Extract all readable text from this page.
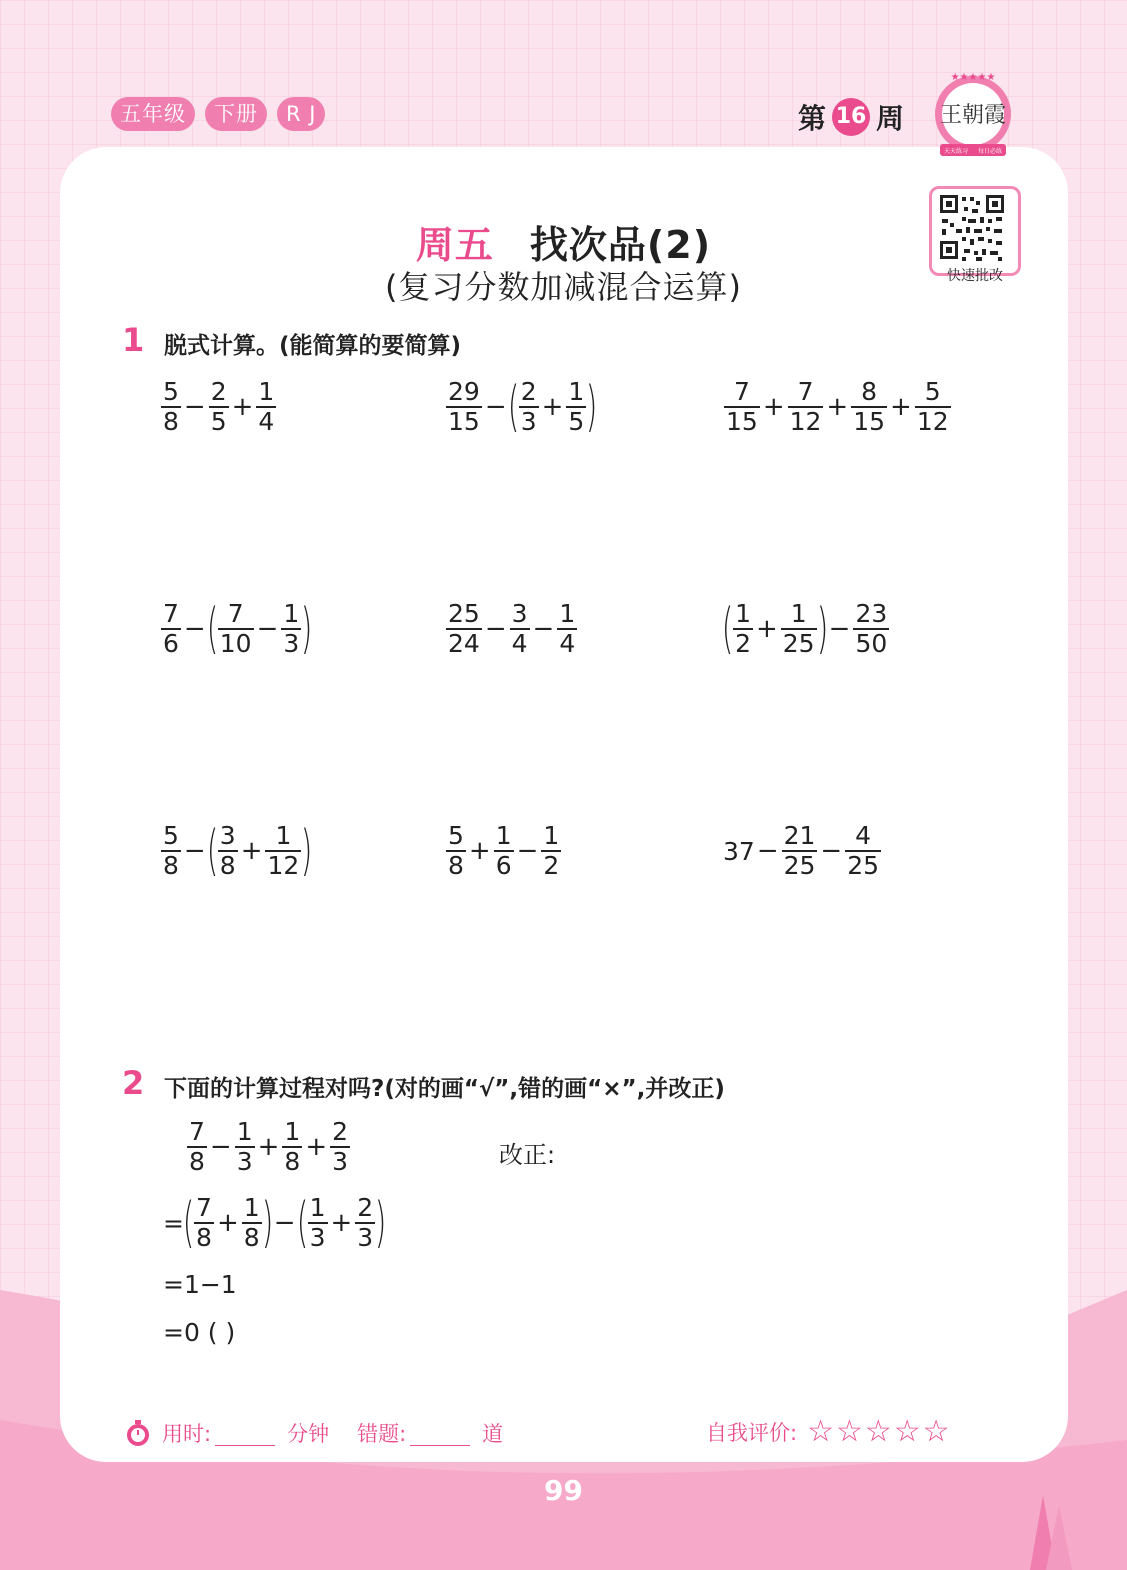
五年级	下册	R J	第 16 周 王朝霞
★★★★★
天天练习 每日必练
快速批改
周五 找次品(2)
(复习分数加减混合运算)
1 脱式计算。(能简算的要简算)
$\frac{5}{8} - \frac{2}{5} + \frac{1}{4}$	$\frac{29}{15}$ − ( $\frac{2}{3} + \frac{1}{5}$ )	$\frac{7}{15} + \frac{7}{12} + \frac{8}{15} + \frac{5}{12}$
$\frac{7}{6}$ − ( $\frac{7}{10} - \frac{1}{3}$ )	$\frac{25}{24} - \frac{3}{4} - \frac{1}{4}$	( $\frac{1}{2} + \frac{1}{25}$ ) − $\frac{23}{50}$
$\frac{5}{8}$ − ( $\frac{3}{8} + \frac{1}{12}$ )	$\frac{5}{8} + \frac{1}{6} - \frac{1}{2}$	$37 - \frac{21}{25} - \frac{4}{25}$
2 下面的计算过程对吗?(对的画“√”,错的画“×”,并改正)
$\frac{7}{8} - \frac{1}{3} + \frac{1}{8} + \frac{2}{3}$
=
( $\frac{7}{8} + \frac{1}{8}$ ) − ( $\frac{1}{3} + \frac{2}{3}$ )
=1−1
=0 ( )
改正:
用时:	分钟 错题:	道	自我评价: ☆☆☆☆☆
99
